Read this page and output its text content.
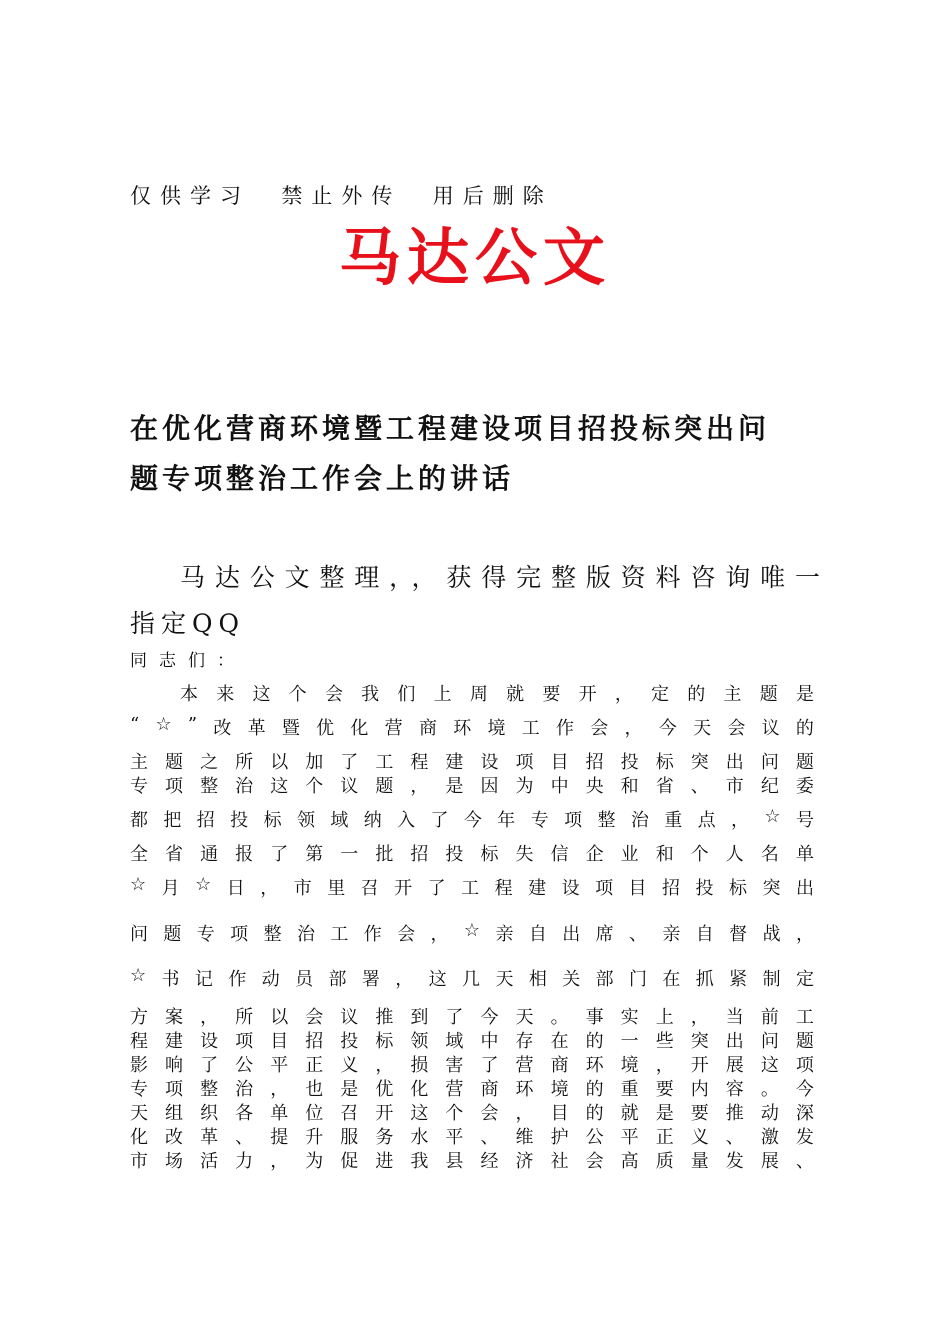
仅供学习  禁止外传  用后删除
马达公文
在优化营商环境暨工程建设项目招投标突出问
题专项整治工作会上的讲话
马达公文整理，，获得完整版资料咨询唯一
指定QQ
同志们：
本 来 这 个 会 我 们 上 周 就 要 开 ， 定 的 主 题 是
“ ☆ ” 改 革 暨 优 化 营 商 环 境 工 作 会 ， 今 天 会 议 的
主 题 之 所 以 加 了 工 程 建 设 项 目 招 投 标 突 出 问 题
专 项 整 治 这 个 议 题 ， 是 因 为 中 央 和 省 、 市 纪 委
都 把 招 投 标 领 域 纳 入 了 今 年 专 项 整 治 重 点 ， ☆ 号
全 省 通 报 了 第 一 批 招 投 标 失 信 企 业 和 个 人 名 单
☆ 月 ☆ 日 ， 市 里 召 开 了 工 程 建 设 项 目 招 投 标 突 出
问 题 专 项 整 治 工 作 会 ， ☆ 亲 自 出 席 、 亲 自 督 战 ，
☆ 书 记 作 动 员 部 署 ， 这 几 天 相 关 部 门 在 抓 紧 制 定
方 案 ， 所 以 会 议 推 到 了 今 天 。 事 实 上 ， 当 前 工
程 建 设 项 目 招 投 标 领 域 中 存 在 的 一 些 突 出 问 题
影 响 了 公 平 正 义 ， 损 害 了 营 商 环 境 ， 开 展 这 项
专 项 整 治 ， 也 是 优 化 营 商 环 境 的 重 要 内 容 。 今
天 组 织 各 单 位 召 开 这 个 会 ， 目 的 就 是 要 推 动 深
化 改 革 、 提 升 服 务 水 平 、 维 护 公 平 正 义 、 激 发
市 场 活 力 ， 为 促 进 我 县 经 济 社 会 高 质 量 发 展 、
